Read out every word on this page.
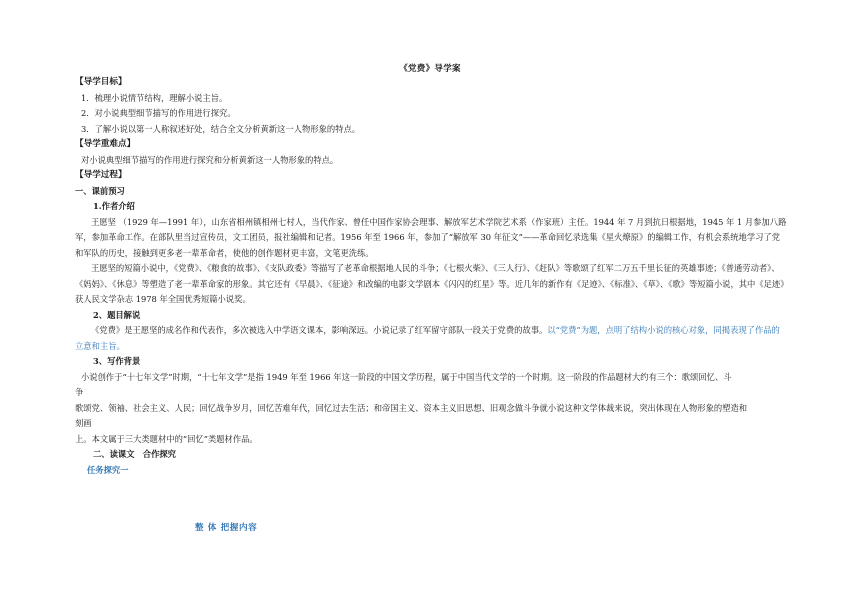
《党费》导学案
【导学目标】
1．梳理小说情节结构，理解小说主旨。
2．对小说典型细节描写的作用进行探究。
3．了解小说以第一人称叙述好处，结合全文分析黄新这一人物形象的特点。
【导学重难点】
对小说典型细节描写的作用进行探究和分析黄新这一人物形象的特点。
【导学过程】
一、课前预习
1.作者介绍
王愿坚 （1929 年—1991 年），山东省相州镇相州七村人，当代作家、曾任中国作家协会理事、解放军艺术学院艺术系（作家班）主任。1944 年 7 月到抗日根据地，1945 年 1 月参加八路军，参加革命工作。在部队里当过宣传员，文工团员，报社编辑和记者。1956 年至 1966 年，参加了“解放军 30 年征文”——革命回忆录选集《星火燎原》的编辑工作，有机会系统地学习了党和军队的历史，接触到更多老一辈革命者，使他的创作题材更丰富，文笔更洗练。
王愿坚的短篇小说中，《党费》、《粮食的故事》、《支队政委》等描写了老革命根据地人民的斗争；《七根火柴》、《三人行》、《赶队》等歌颂了红军二万五千里长征的英雄事迹；《普通劳动者》、《妈妈》、《休息》等塑造了老一辈革命家的形象。其它还有《早晨》、《征途》和改编的电影文学剧本《闪闪的红星》等。近几年的新作有《足迹》、《标准》、《草》、《歌》等短篇小说，其中《足迹》获人民文学杂志 1978 年全国优秀短篇小说奖。
2、题目解说
《党费》是王愿坚的成名作和代表作，多次被选入中学语文课本，影响深远。小说记录了红军留守部队一段关于党费的故事。以“党费”为题，点明了结构小说的核心对象，同揭表现了作品的立意和主旨。
3、写作背景
小说创作于“十七年文学”时期，“十七年文学”是指 1949 年至 1966 年这一阶段的中国文学历程，属于中国当代文学的一个时期。这一阶段的作品题材大约有三个：歌颂回忆、斗
争
歌颂党、领袖、社会主义、人民；回忆战争岁月，回忆苦难年代，回忆过去生活；和帝国主义、资本主义旧思想、旧观念做斗争就小说这种文学体裁来说，突出体现在人物形象的塑造和
刻画
上。本文属于三大类题材中的“回忆”类题材作品。
二、读课文　合作探究
任务探究一
整 体 把握内容
